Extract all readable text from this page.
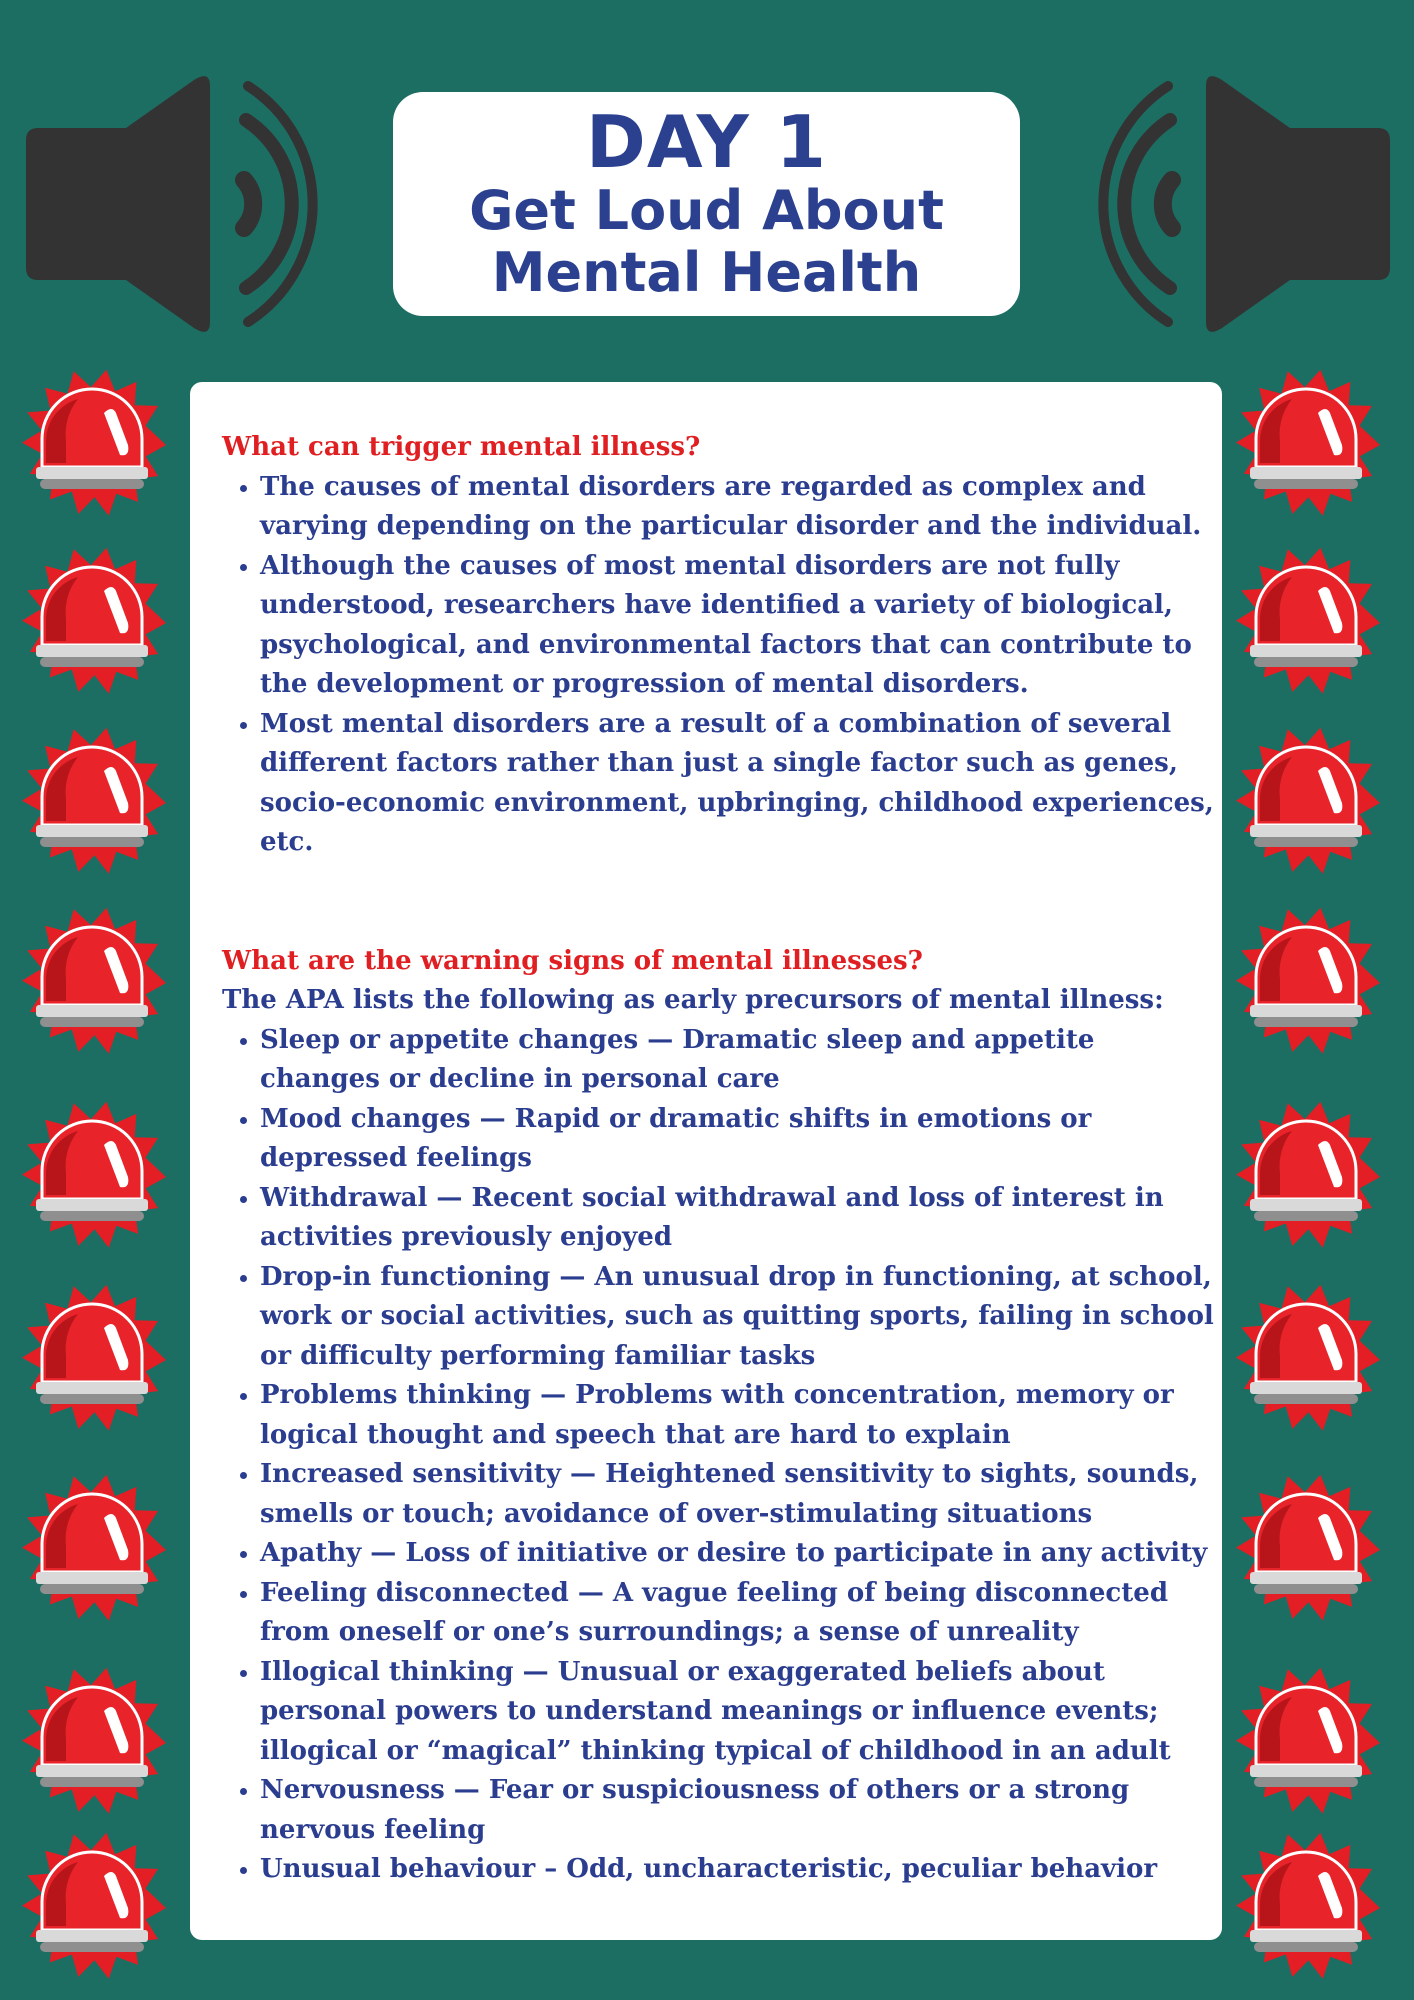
DAY 1
Get Loud About
Mental Health
What can trigger mental illness?
• The causes of mental disorders are regarded as complex and varying depending on the particular disorder and the individual.
• Although the causes of most mental disorders are not fully understood, researchers have identified a variety of biological, psychological, and environmental factors that can contribute to the development or progression of mental disorders.
• Most mental disorders are a result of a combination of several different factors rather than just a single factor such as genes, socio-economic environment, upbringing, childhood experiences, etc.
What are the warning signs of mental illnesses?
The APA lists the following as early precursors of mental illness:
• Sleep or appetite changes — Dramatic sleep and appetite changes or decline in personal care
• Mood changes — Rapid or dramatic shifts in emotions or depressed feelings
• Withdrawal — Recent social withdrawal and loss of interest in activities previously enjoyed
• Drop-in functioning — An unusual drop in functioning, at school, work or social activities, such as quitting sports, failing in school or difficulty performing familiar tasks
• Problems thinking — Problems with concentration, memory or logical thought and speech that are hard to explain
• Increased sensitivity — Heightened sensitivity to sights, sounds, smells or touch; avoidance of over-stimulating situations
• Apathy — Loss of initiative or desire to participate in any activity
• Feeling disconnected — A vague feeling of being disconnected from oneself or one’s surroundings; a sense of unreality
• Illogical thinking — Unusual or exaggerated beliefs about personal powers to understand meanings or influence events; illogical or “magical” thinking typical of childhood in an adult
• Nervousness — Fear or suspiciousness of others or a strong nervous feeling
• Unusual behaviour – Odd, uncharacteristic, peculiar behavior
